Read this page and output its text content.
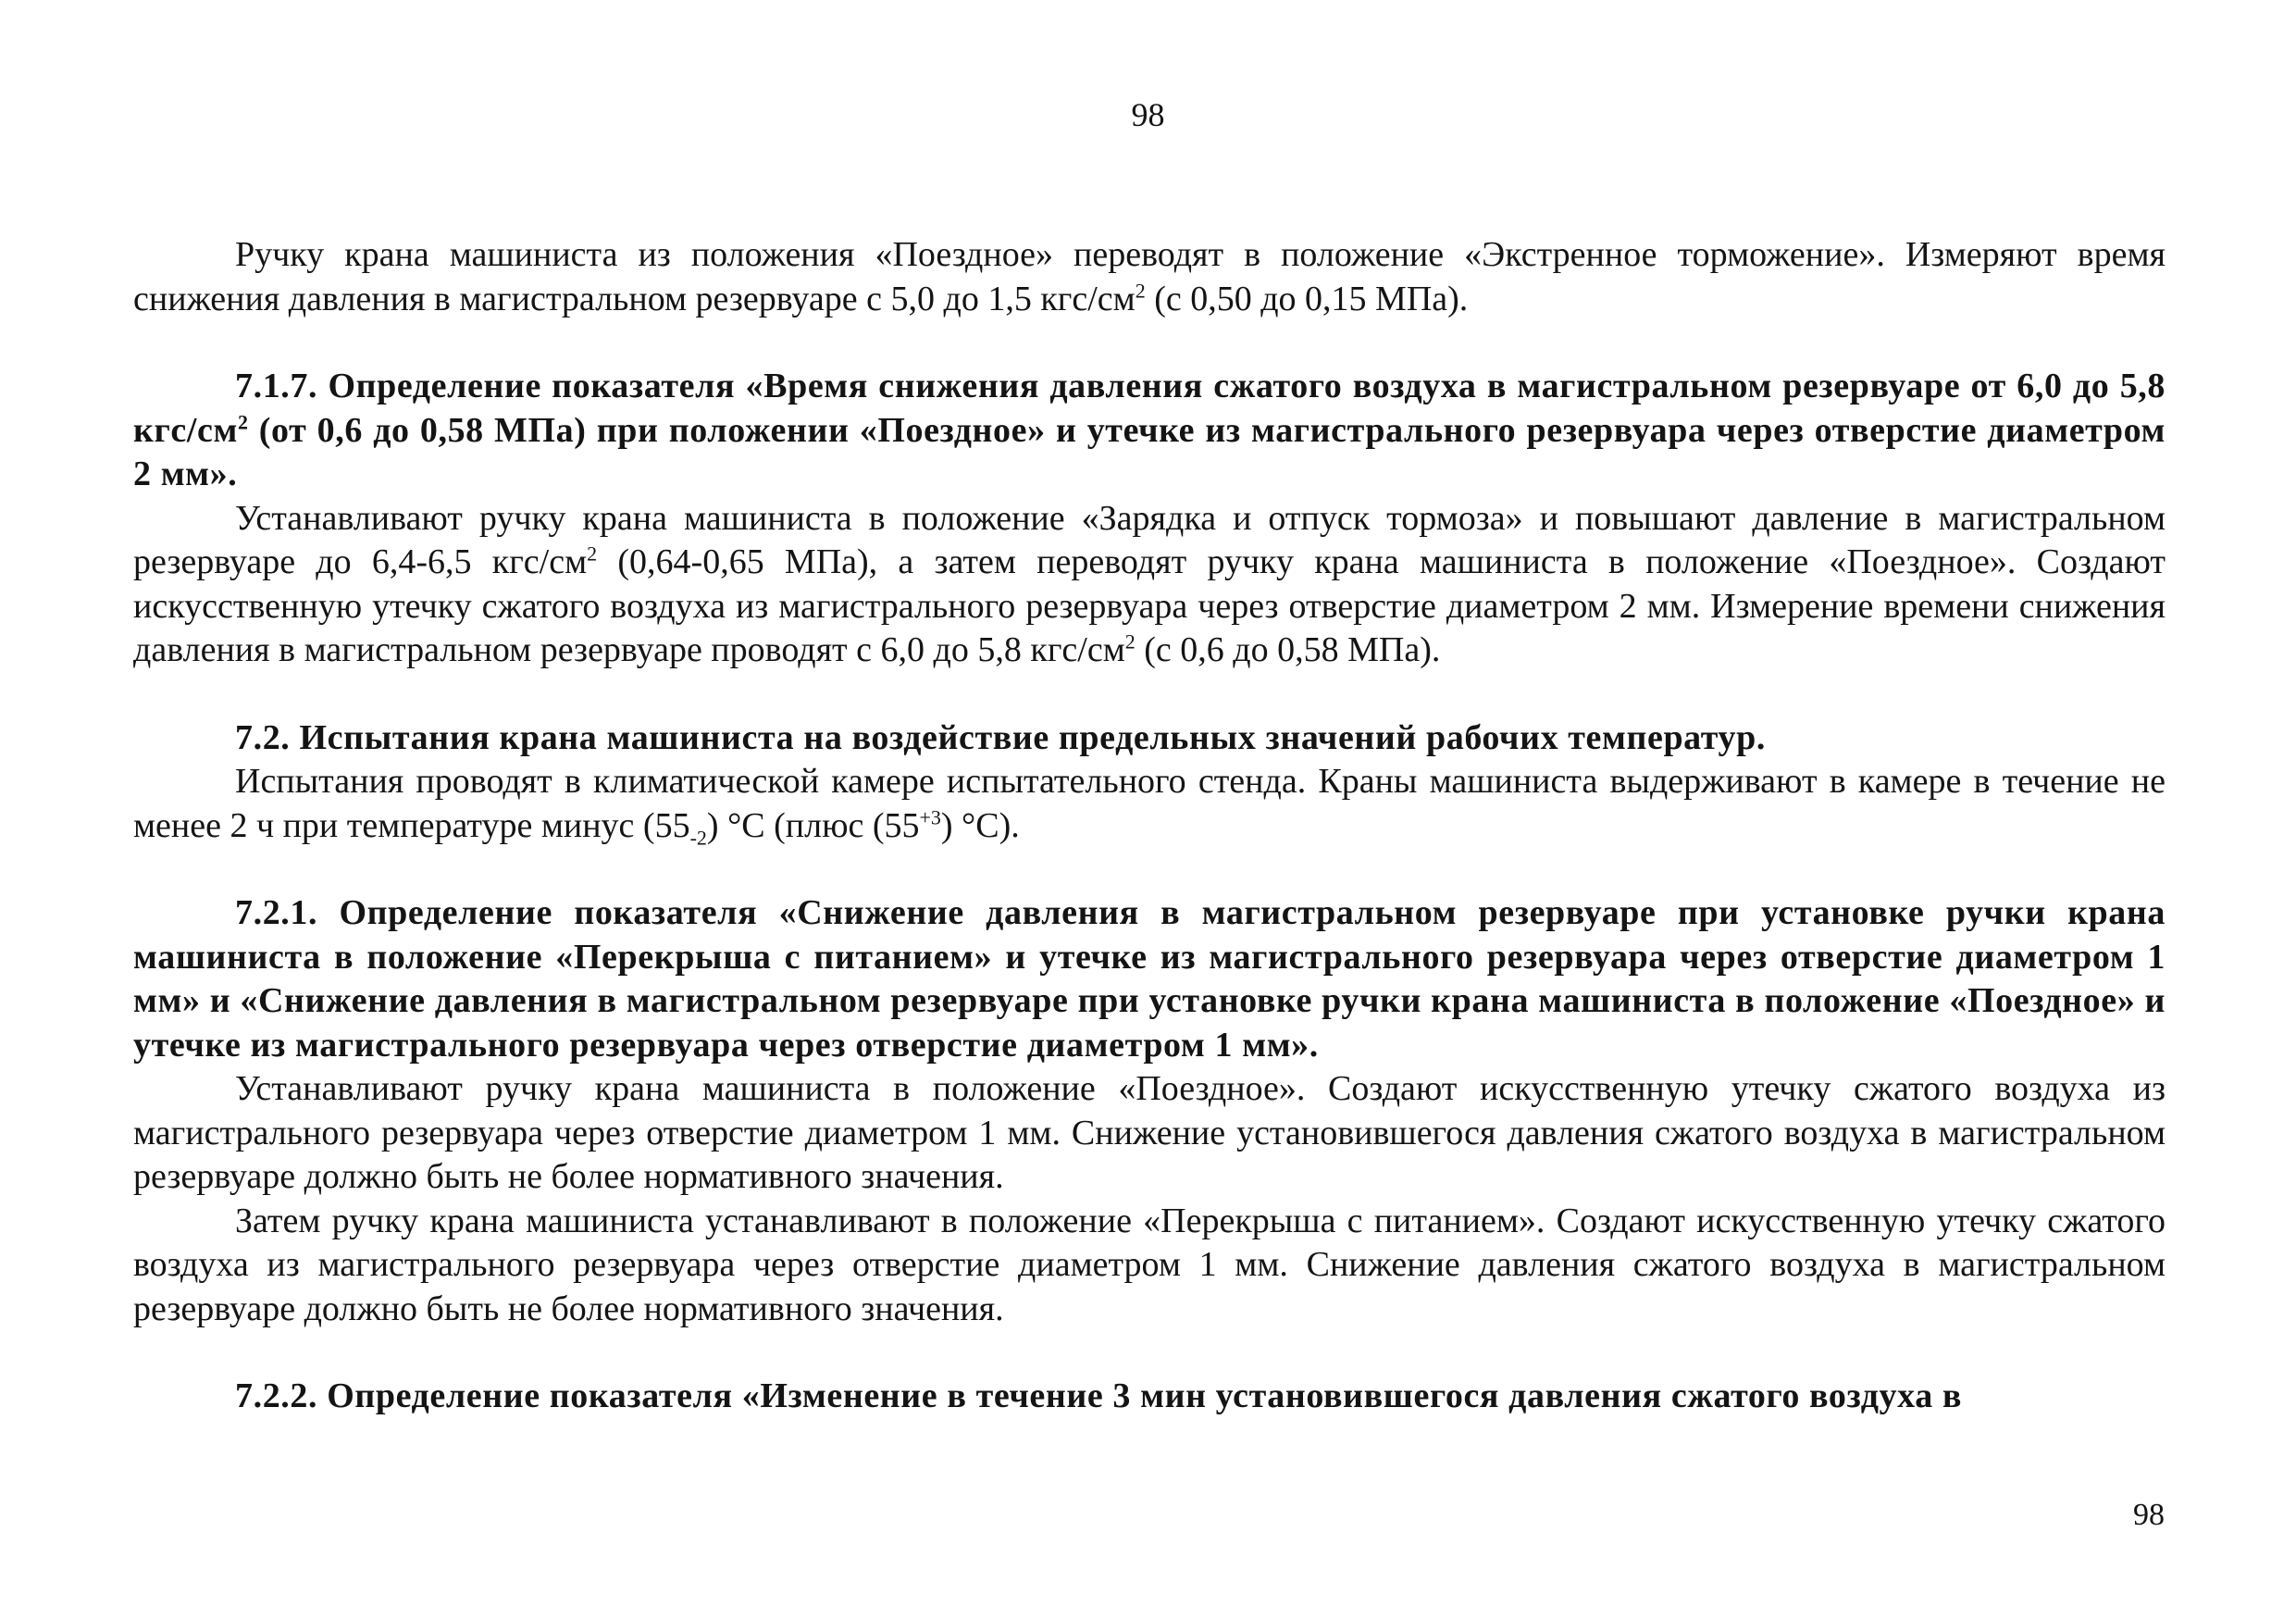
98

Ручку крана машиниста из положения «Поездное» переводят в положение «Экстренное торможение». Измеряют время снижения давления в магистральном резервуаре с 5,0 до 1,5 кгс/$см^2$ (с 0,50 до 0,15 МПа).

7.1.7. Определение показателя «Время снижения давления сжатого воздуха в магистральном резервуаре от 6,0 до 5,8 кгс/$см^2$ (от 0,6 до 0,58 МПа) при положении «Поездное» и утечке из магистрального резервуара через отверстие диаметром 2 мм».

Устанавливают ручку крана машиниста в положение «Зарядка и отпуск тормоза» и повышают давление в магистральном резервуаре до 6,4-6,5 кгс/$см^2$ (0,64-0,65 МПа), а затем переводят ручку крана машиниста в положение «Поездное». Создают искусственную утечку сжатого воздуха из магистрального резервуара через отверстие диаметром 2 мм. Измерение времени снижения давления в магистральном резервуаре проводят с 6,0 до 5,8 кгс/$см^2$ (с 0,6 до 0,58 МПа).

7.2. Испытания крана машиниста на воздействие предельных значений рабочих температур.

Испытания проводят в климатической камере испытательного стенда. Краны машиниста выдерживают в камере в течение не менее 2 ч при температуре минус $(55_{-2})$ °С (плюс $(55^{+3})$ °С).

7.2.1. Определение показателя «Снижение давления в магистральном резервуаре при установке ручки крана машиниста в положение «Перекрыша с питанием» и утечке из магистрального резервуара через отверстие диаметром 1 мм» и «Снижение давления в магистральном резервуаре при установке ручки крана машиниста в положение «Поездное» и утечке из магистрального резервуара через отверстие диаметром 1 мм».

Устанавливают ручку крана машиниста в положение «Поездное». Создают искусственную утечку сжатого воздуха из магистрального резервуара через отверстие диаметром 1 мм. Снижение установившегося давления сжатого воздуха в магистральном резервуаре должно быть не более нормативного значения.

Затем ручку крана машиниста устанавливают в положение «Перекрыша с питанием». Создают искусственную утечку сжатого воздуха из магистрального резервуара через отверстие диаметром 1 мм. Снижение давления сжатого воздуха в магистральном резервуаре должно быть не более нормативного значения.

7.2.2. Определение показателя «Изменение в течение 3 мин установившегося давления сжатого воздуха в

98
